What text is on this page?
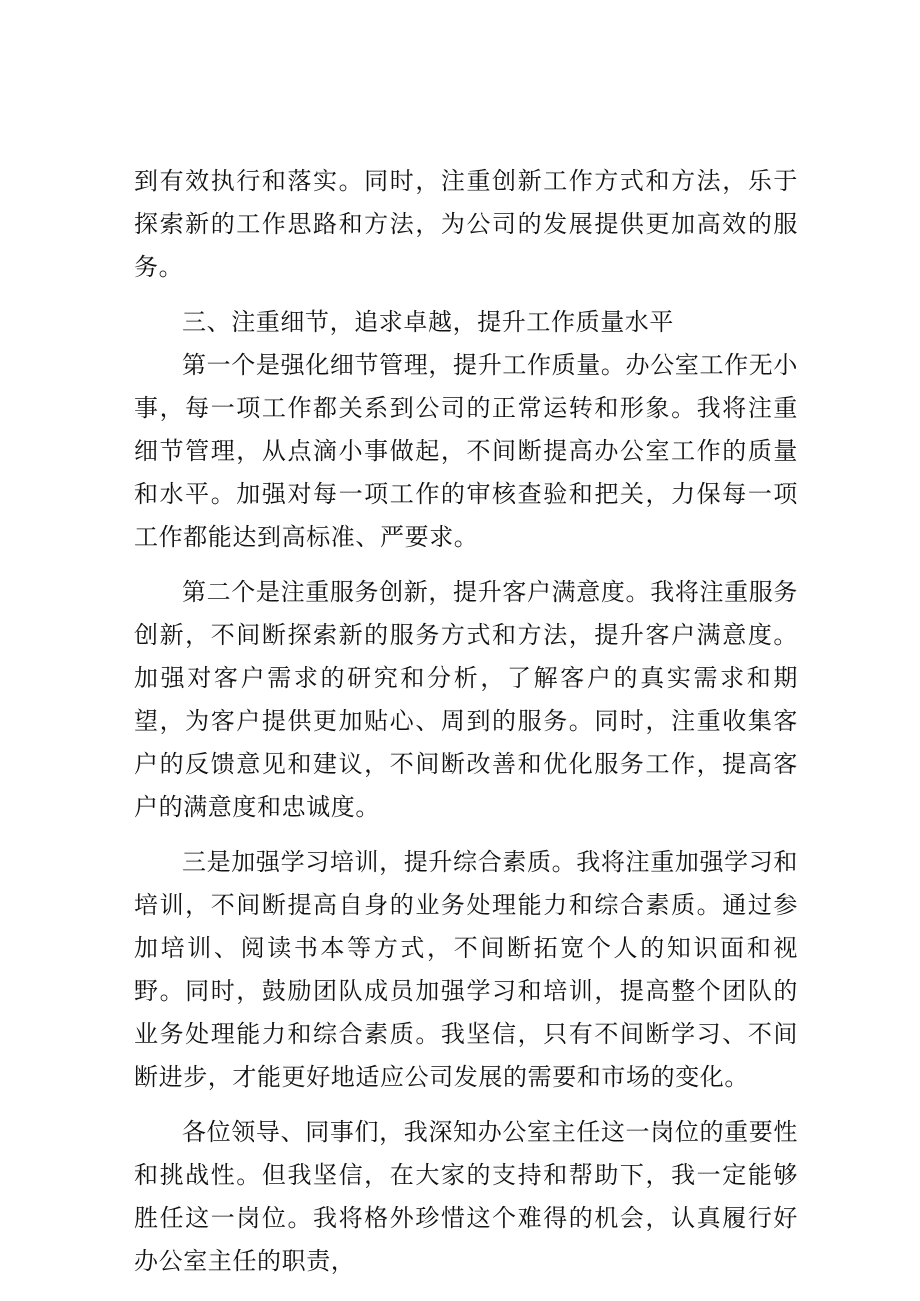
到有效执行和落实。同时，注重创新工作方式和方法，乐于探索新的工作思路和方法，为公司的发展提供更加高效的服务。

三、注重细节，追求卓越，提升工作质量水平

第一个是强化细节管理，提升工作质量。办公室工作无小事，每一项工作都关系到公司的正常运转和形象。我将注重细节管理，从点滴小事做起，不间断提高办公室工作的质量和水平。加强对每一项工作的审核查验和把关，力保每一项工作都能达到高标准、严要求。

第二个是注重服务创新，提升客户满意度。我将注重服务创新，不间断探索新的服务方式和方法，提升客户满意度。加强对客户需求的研究和分析，了解客户的真实需求和期望，为客户提供更加贴心、周到的服务。同时，注重收集客户的反馈意见和建议，不间断改善和优化服务工作，提高客户的满意度和忠诚度。

三是加强学习培训，提升综合素质。我将注重加强学习和培训，不间断提高自身的业务处理能力和综合素质。通过参加培训、阅读书本等方式，不间断拓宽个人的知识面和视野。同时，鼓励团队成员加强学习和培训，提高整个团队的业务处理能力和综合素质。我坚信，只有不间断学习、不间断进步，才能更好地适应公司发展的需要和市场的变化。

各位领导、同事们，我深知办公室主任这一岗位的重要性和挑战性。但我坚信，在大家的支持和帮助下，我一定能够胜任这一岗位。我将格外珍惜这个难得的机会，认真履行好办公室主任的职责，
